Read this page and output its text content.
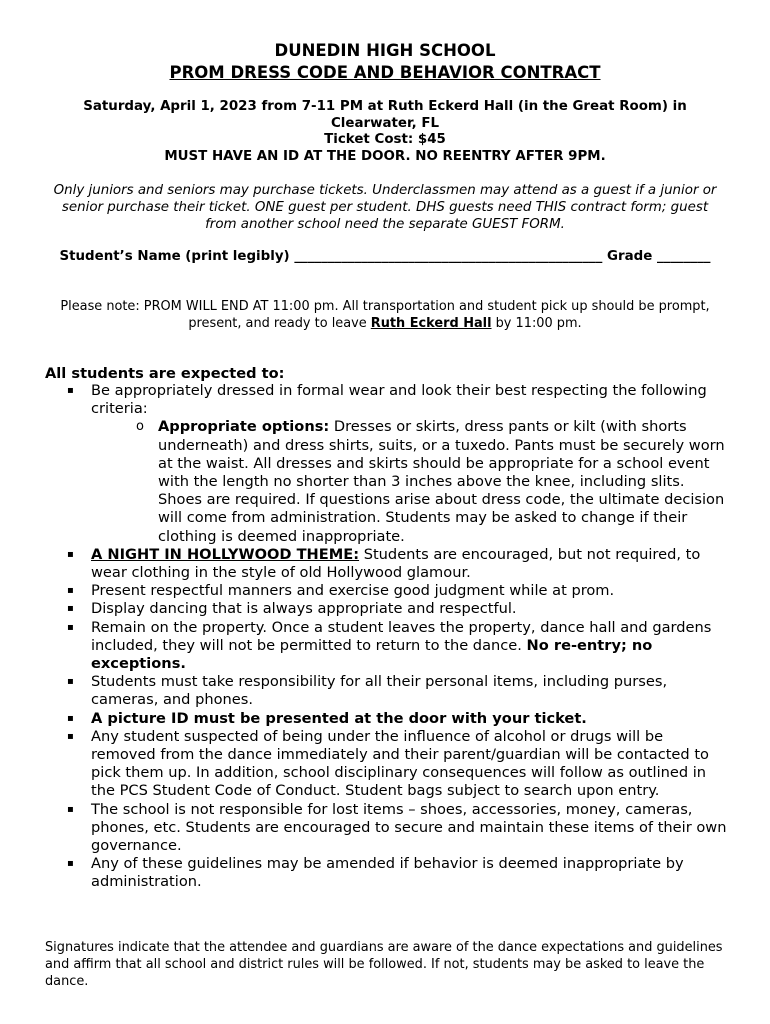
DUNEDIN HIGH SCHOOL
PROM DRESS CODE AND BEHAVIOR CONTRACT
Saturday, April 1, 2023 from 7-11 PM at Ruth Eckerd Hall (in the Great Room) in Clearwater, FL
Ticket Cost: $45
MUST HAVE AN ID AT THE DOOR. NO REENTRY AFTER 9PM.
Only juniors and seniors may purchase tickets. Underclassmen may attend as a guest if a junior or senior purchase their ticket. ONE guest per student. DHS guests need THIS contract form; guest from another school need the separate GUEST FORM.
Student’s Name (print legibly) ______________________________________________ Grade ________
Please note: PROM WILL END AT 11:00 pm. All transportation and student pick up should be prompt, present, and ready to leave Ruth Eckerd Hall by 11:00 pm.
All students are expected to:
▪ Be appropriately dressed in formal wear and look their best respecting the following criteria:
o Appropriate options: Dresses or skirts, dress pants or kilt (with shorts underneath) and dress shirts, suits, or a tuxedo. Pants must be securely worn at the waist. All dresses and skirts should be appropriate for a school event with the length no shorter than 3 inches above the knee, including slits. Shoes are required. If questions arise about dress code, the ultimate decision will come from administration. Students may be asked to change if their clothing is deemed inappropriate.
▪ A NIGHT IN HOLLYWOOD THEME: Students are encouraged, but not required, to wear clothing in the style of old Hollywood glamour.
▪ Present respectful manners and exercise good judgment while at prom.
▪ Display dancing that is always appropriate and respectful.
▪ Remain on the property. Once a student leaves the property, dance hall and gardens included, they will not be permitted to return to the dance. No re-entry; no exceptions.
▪ Students must take responsibility for all their personal items, including purses, cameras, and phones.
▪ A picture ID must be presented at the door with your ticket.
▪ Any student suspected of being under the influence of alcohol or drugs will be removed from the dance immediately and their parent/guardian will be contacted to pick them up. In addition, school disciplinary consequences will follow as outlined in the PCS Student Code of Conduct. Student bags subject to search upon entry.
▪ The school is not responsible for lost items – shoes, accessories, money, cameras, phones, etc. Students are encouraged to secure and maintain these items of their own governance.
▪ Any of these guidelines may be amended if behavior is deemed inappropriate by administration.
Signatures indicate that the attendee and guardians are aware of the dance expectations and guidelines and affirm that all school and district rules will be followed. If not, students may be asked to leave the dance.
